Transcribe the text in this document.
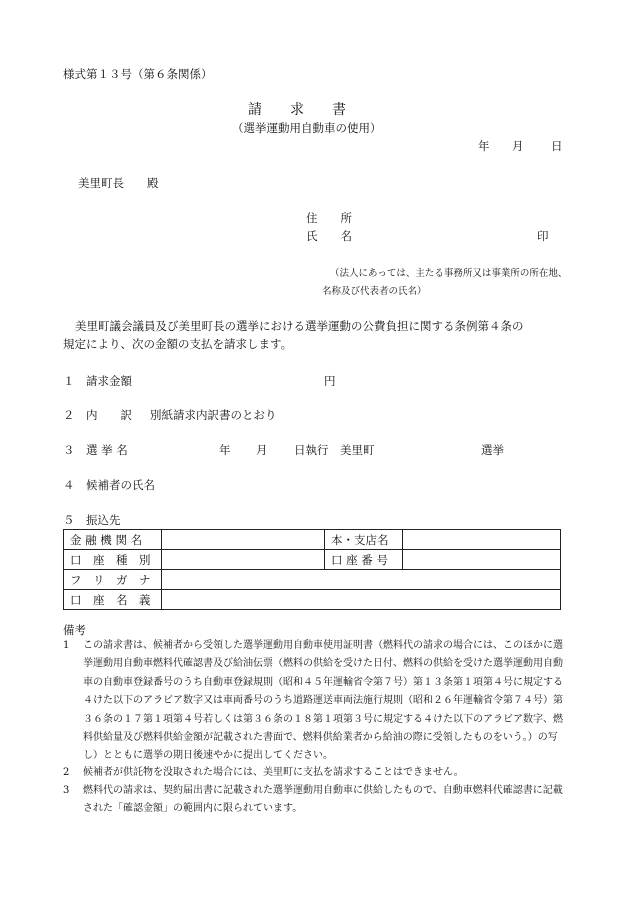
様式第１３号（第６条関係）
請　　求　　書
（選挙運動用自動車の使用）
年 月 日
美里町長　　殿
住　　所
氏　　名	印
（法人にあっては、主たる事務所又は事業所の所在地、
名称及び代表者の氏名）
美里町議会議員及び美里町長の選挙における選挙運動の公費負担に関する条例第４条の
規定により、次の金額の支払を請求します。
１　請求金額	円
２　内　　訳 別紙請求内訳書のとおり
３　選 挙 名	年 月 日執行　美里町	選挙
４　候補者の氏名
５　振込先
金 融 機 関 名		本・支店名	
口　座　種　別		口 座 番 号	
フ　リ　ガ　ナ			
口　座　名　義			
備考
1	この請求書は、候補者から受領した選挙運動用自動車使用証明書（燃料代の請求の場合には、このほかに選挙運動用自動車燃料代確認書及び給油伝票（燃料の供給を受けた日付、燃料の供給を受けた選挙運動用自動車の自動車登録番号のうち自動車登録規則（昭和４５年運輸省令第７号）第１３条第１項第４号に規定する４けた以下のアラビア数字又は車両番号のうち道路運送車両法施行規則（昭和２６年運輸省令第７４号）第３６条の１７第１項第４号若しくは第３６条の１８第１項第３号に規定する４けた以下のアラビア数字、燃料供給量及び燃料供給金額が記載された書面で、燃料供給業者から給油の際に受領したものをいう。）の写し）とともに選挙の期日後速やかに提出してください。
2	候補者が供託物を没取された場合には、美里町に支払を請求することはできません。
3	燃料代の請求は、契約届出書に記載された選挙運動用自動車に供給したもので、自動車燃料代確認書に記載された「確認金額」の範囲内に限られています。
